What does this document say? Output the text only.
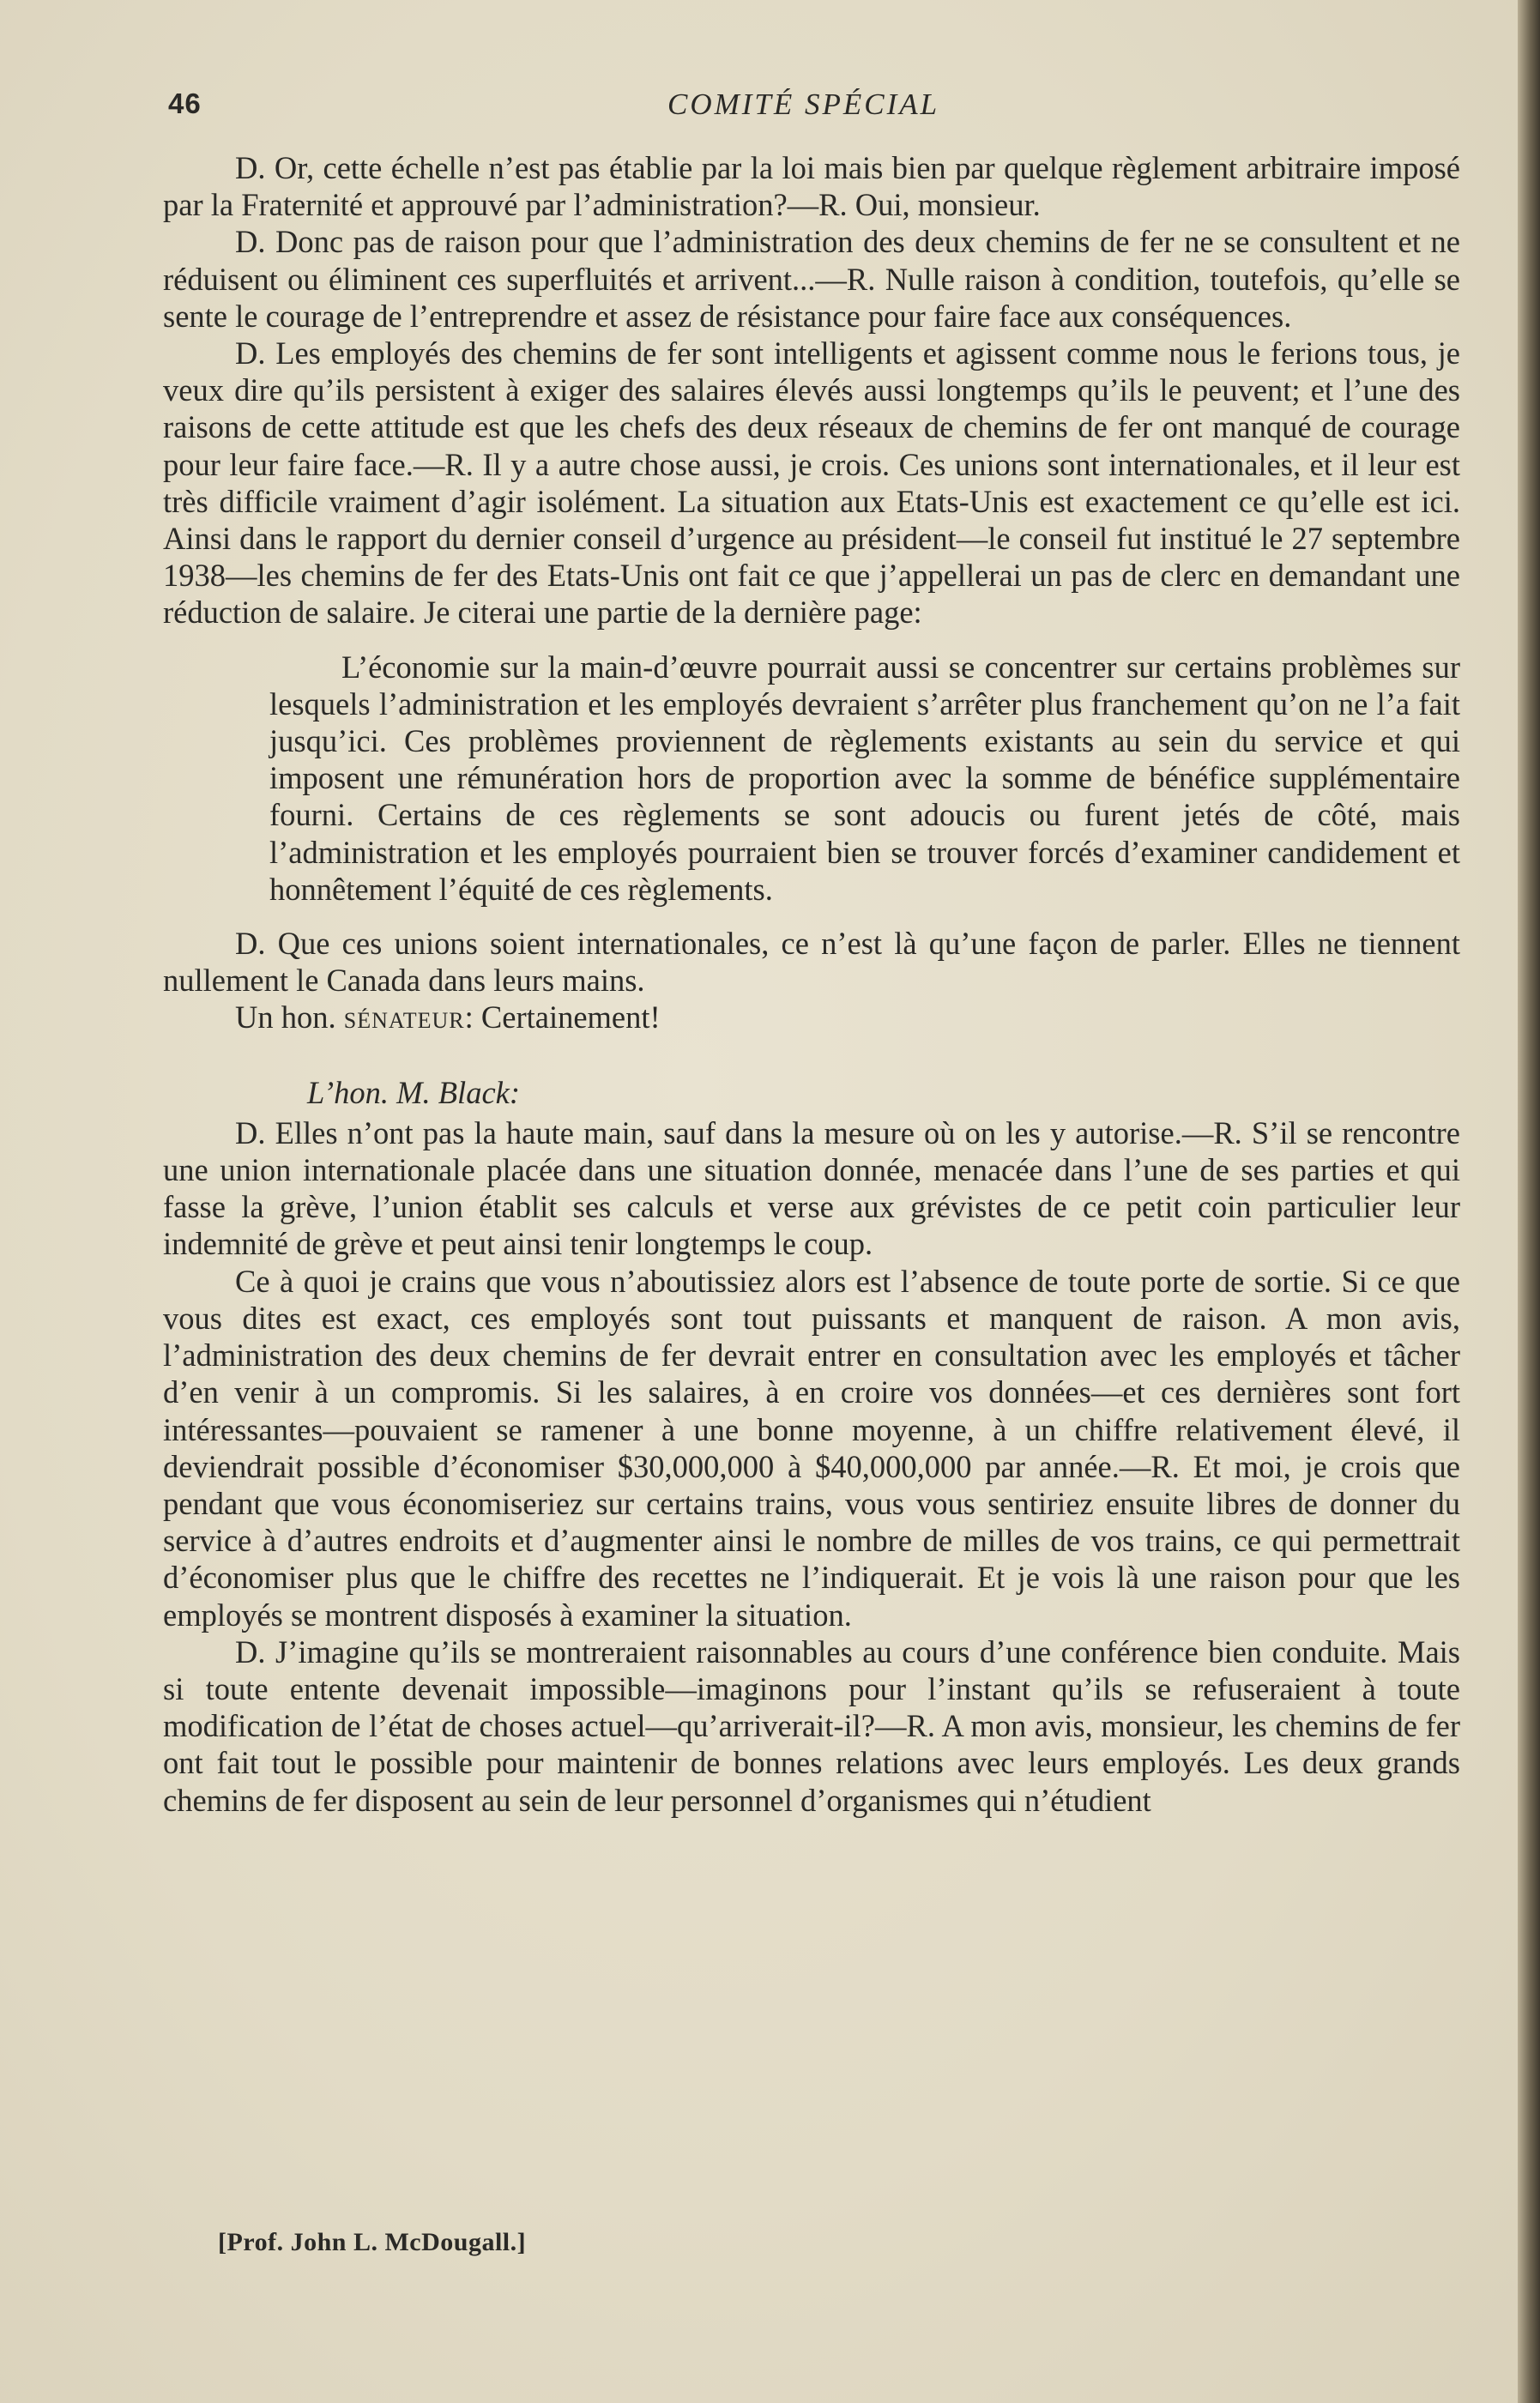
46	COMITÉ SPÉCIAL

D. Or, cette échelle n’est pas établie par la loi mais bien par quelque règlement arbitraire imposé par la Fraternité et approuvé par l’administration?—R. Oui, monsieur.

D. Donc pas de raison pour que l’administration des deux chemins de fer ne se consultent et ne réduisent ou éliminent ces superfluités et arrivent...—R. Nulle raison à condition, toutefois, qu’elle se sente le courage de l’entreprendre et assez de résistance pour faire face aux conséquences.

D. Les employés des chemins de fer sont intelligents et agissent comme nous le ferions tous, je veux dire qu’ils persistent à exiger des salaires élevés aussi longtemps qu’ils le peuvent; et l’une des raisons de cette attitude est que les chefs des deux réseaux de chemins de fer ont manqué de courage pour leur faire face.—R. Il y a autre chose aussi, je crois. Ces unions sont internationales, et il leur est très difficile vraiment d’agir isolément. La situation aux Etats-Unis est exactement ce qu’elle est ici. Ainsi dans le rapport du dernier conseil d’urgence au président—le conseil fut institué le 27 septembre 1938—les chemins de fer des Etats-Unis ont fait ce que j’appellerai un pas de clerc en demandant une réduction de salaire. Je citerai une partie de la dernière page:

L’économie sur la main-d’œuvre pourrait aussi se concentrer sur certains problèmes sur lesquels l’administration et les employés devraient s’arrêter plus franchement qu’on ne l’a fait jusqu’ici. Ces problèmes proviennent de règlements existants au sein du service et qui imposent une rémunération hors de proportion avec la somme de bénéfice supplémentaire fourni. Certains de ces règlements se sont adoucis ou furent jetés de côté, mais l’administration et les employés pourraient bien se trouver forcés d’examiner candidement et honnêtement l’équité de ces règlements.

D. Que ces unions soient internationales, ce n’est là qu’une façon de parler. Elles ne tiennent nullement le Canada dans leurs mains.

Un hon. sénateur: Certainement!

L’hon. M. Black:

D. Elles n’ont pas la haute main, sauf dans la mesure où on les y autorise.—R. S’il se rencontre une union internationale placée dans une situation donnée, menacée dans l’une de ses parties et qui fasse la grève, l’union établit ses calculs et verse aux grévistes de ce petit coin particulier leur indemnité de grève et peut ainsi tenir longtemps le coup.

Ce à quoi je crains que vous n’aboutissiez alors est l’absence de toute porte de sortie. Si ce que vous dites est exact, ces employés sont tout puissants et manquent de raison. A mon avis, l’administration des deux chemins de fer devrait entrer en consultation avec les employés et tâcher d’en venir à un compromis. Si les salaires, à en croire vos données—et ces dernières sont fort intéressantes—pouvaient se ramener à une bonne moyenne, à un chiffre relativement élevé, il deviendrait possible d’économiser $30,000,000 à $40,000,000 par année.—R. Et moi, je crois que pendant que vous économiseriez sur certains trains, vous vous sentiriez ensuite libres de donner du service à d’autres endroits et d’augmenter ainsi le nombre de milles de vos trains, ce qui permettrait d’économiser plus que le chiffre des recettes ne l’indiquerait. Et je vois là une raison pour que les employés se montrent disposés à examiner la situation.

D. J’imagine qu’ils se montreraient raisonnables au cours d’une conférence bien conduite. Mais si toute entente devenait impossible—imaginons pour l’instant qu’ils se refuseraient à toute modification de l’état de choses actuel—qu’arriverait-il?—R. A mon avis, monsieur, les chemins de fer ont fait tout le possible pour maintenir de bonnes relations avec leurs employés. Les deux grands chemins de fer disposent au sein de leur personnel d’organismes qui n’étudient

[Prof. John L. McDougall.]
